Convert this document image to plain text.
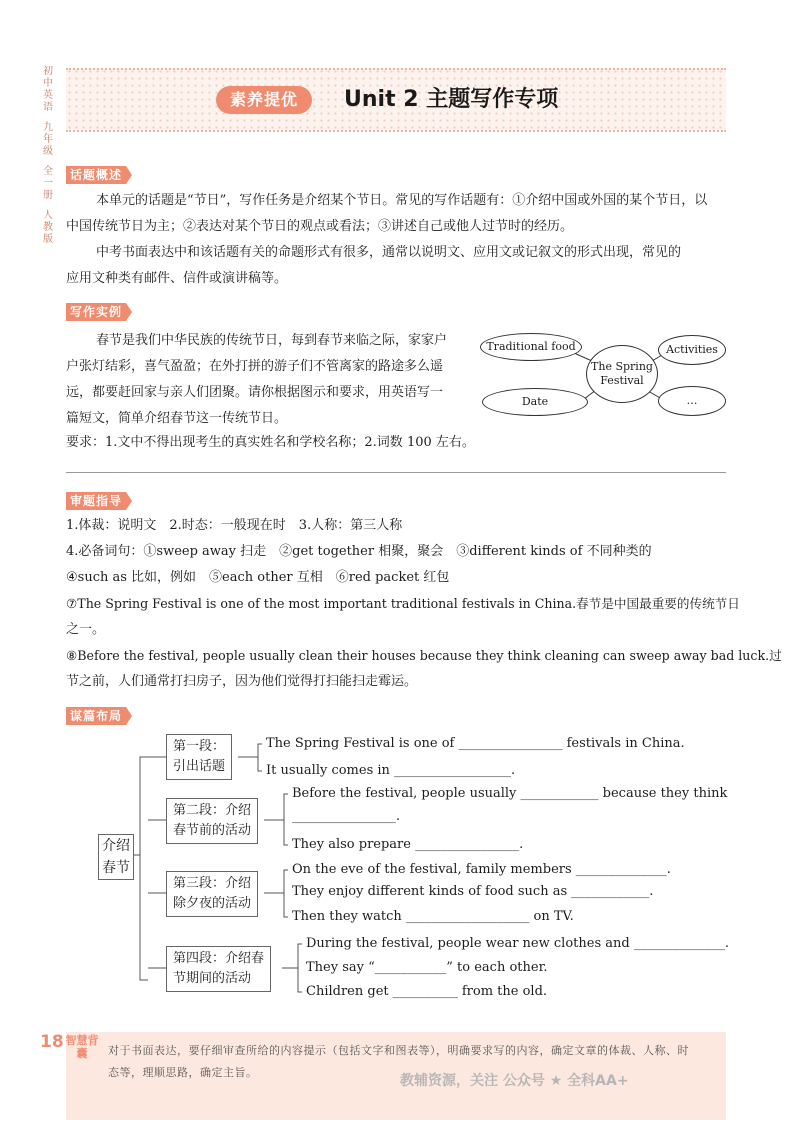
初
中
英
语
九
年
级
全
一
册
人
教
版
素养提优	Unit 2 主题写作专项
话题概述
本单元的话题是“节日”，写作任务是介绍某个节日。常见的写作话题有：①介绍中国或外国的某个节日，以
中国传统节日为主；②表达对某个节日的观点或看法；③讲述自己或他人过节时的经历。
中考书面表达中和该话题有关的命题形式有很多，通常以说明文、应用文或记叙文的形式出现，常见的
应用文种类有邮件、信件或演讲稿等。
写作实例
春节是我们中华民族的传统节日，每到春节来临之际，家家户
户张灯结彩，喜气盈盈；在外打拼的游子们不管离家的路途多么遥
远，都要赶回家与亲人们团聚。请你根据图示和要求，用英语写一
篇短文，简单介绍春节这一传统节日。
要求：1.文中不得出现考生的真实姓名和学校名称；2.词数 100 左右。
Traditional food	Activities
The Spring Festival
Date	…
审题指导
1.体裁：说明文　2.时态：一般现在时　3.人称：第三人称
4.必备词句：①sweep away 扫走　②get together 相聚，聚会　③different kinds of 不同种类的
④such as 比如，例如　⑤each other 互相　⑥red packet 红包
⑦The Spring Festival is one of the most important traditional festivals in China.春节是中国最重要的传统节日
之一。
⑧Before the festival, people usually clean their houses because they think cleaning can sweep away bad luck.过
节之前，人们通常打扫房子，因为他们觉得打扫能扫走霉运。
谋篇布局
介绍春节
第一段：
引出话题
The Spring Festival is one of ________________ festivals in China.
It usually comes in __________________.
第二段：介绍
春节前的活动
Before the festival, people usually ____________ because they think
________________.
They also prepare ________________.
第三段：介绍
除夕夜的活动
On the eve of the festival, family members ______________.
They enjoy different kinds of food such as ____________.
Then they watch ___________________ on TV.
第四段：介绍春
节期间的活动
During the festival, people wear new clothes and ______________.
They say “___________” to each other.
Children get __________ from the old.
18 智慧背囊	对于书面表达，要仔细审查所给的内容提示（包括文字和图表等），明确要求写的内容，确定文章的体裁、人称、时
态等，理顺思路，确定主旨。
教辅资源，关注 公众号 ★ 全科AA+
